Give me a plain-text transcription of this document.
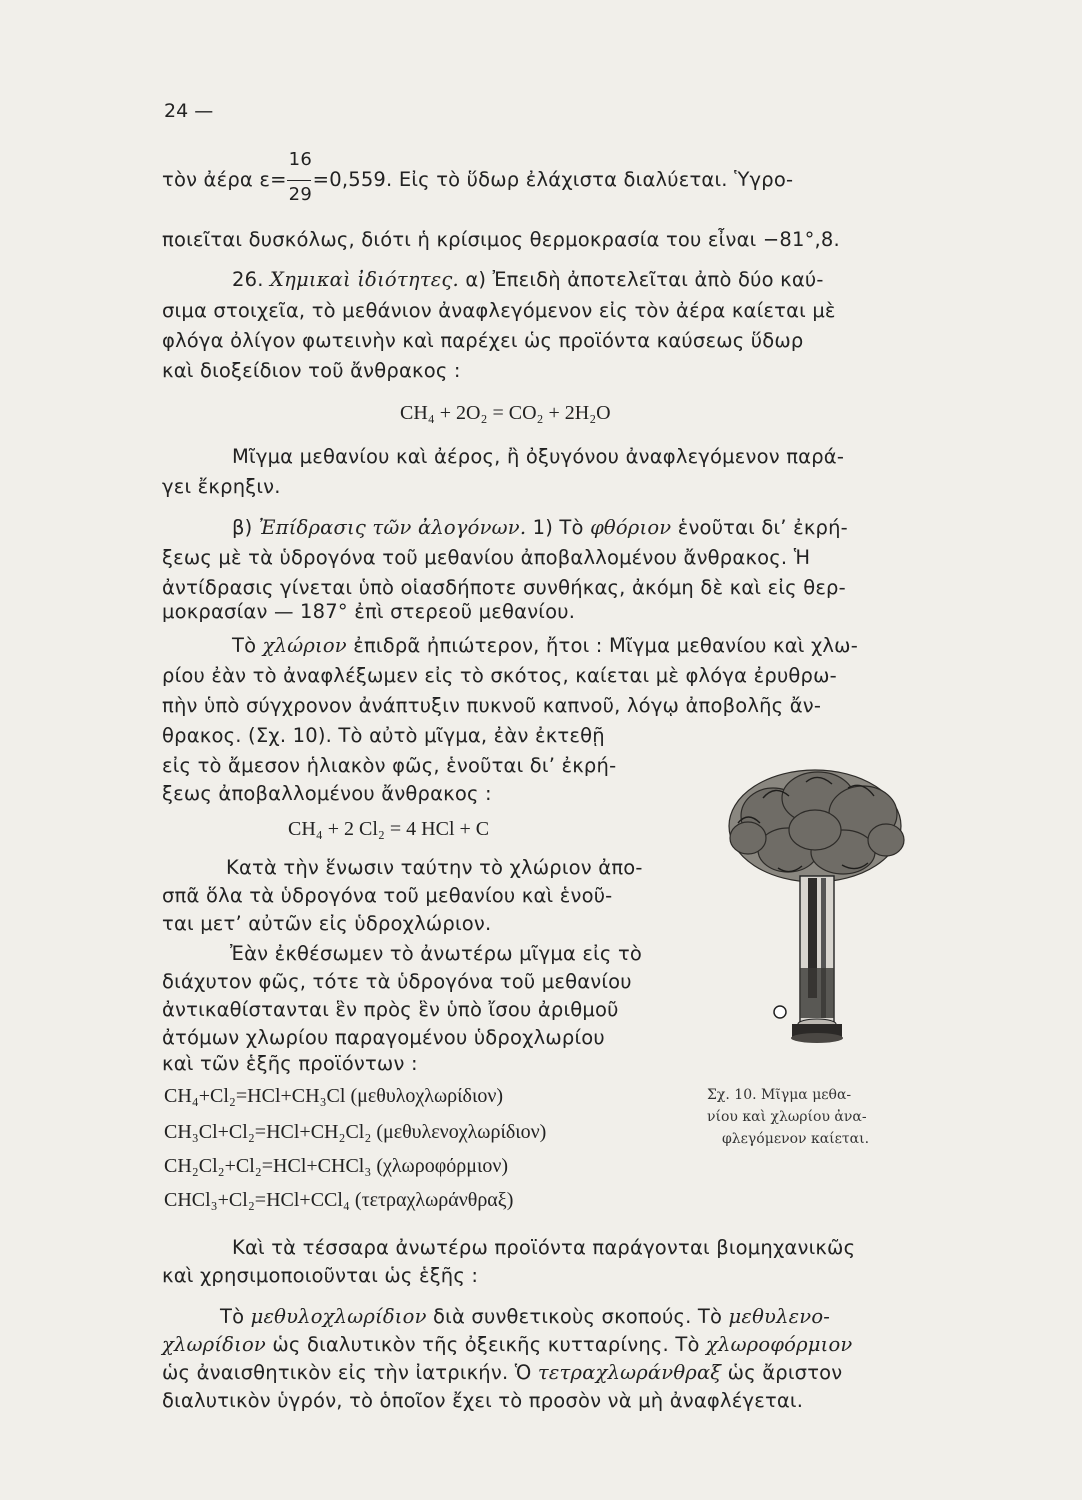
24 —
τὸν ἀέρα $\varepsilon= \frac{16}{29} =0,559$. Εἰς τὸ ὕδωρ ἐλάχιστα διαλύεται. Ὑγρο-
ποιεῖται δυσκόλως, διότι ἡ κρίσιμος θερμοκρασία του εἶναι −81°,8.
26. Χημικαὶ ἰδιότητες. α) Ἐπειδὴ ἀποτελεῖται ἀπὸ δύο καύ-
σιμα στοιχεῖα, τὸ μεθάνιον ἀναφλεγόμενον εἰς τὸν ἀέρα καίεται μὲ
φλόγα ὀλίγον φωτεινὴν καὶ παρέχει ὡς προϊόντα καύσεως ὕδωρ
καὶ διοξείδιον τοῦ ἄνθρακος :
CH₄ + 2O₂ = CO₂ + 2H₂O
Μῖγμα μεθανίου καὶ ἀέρος, ἢ ὀξυγόνου ἀναφλεγόμενον παρά-
γει ἔκρηξιν.
β) Ἐπίδρασις τῶν ἀλογόνων. 1) Τὸ φθόριον ἑνοῦται δι’ ἐκρή-
ξεως μὲ τὰ ὑδρογόνα τοῦ μεθανίου ἀποβαλλομένου ἄνθρακος. Ἡ
ἀντίδρασις γίνεται ὑπὸ οἱασδήποτε συνθήκας, ἀκόμη δὲ καὶ εἰς θερ-
μοκρασίαν — 187° ἐπὶ στερεοῦ μεθανίου.
Τὸ χλώριον ἐπιδρᾶ ἠπιώτερον, ἤτοι : Μῖγμα μεθανίου καὶ χλω-
ρίου ἐὰν τὸ ἀναφλέξωμεν εἰς τὸ σκότος, καίεται μὲ φλόγα ἐρυθρω-
πὴν ὑπὸ σύγχρονον ἀνάπτυξιν πυκνοῦ καπνοῦ, λόγῳ ἀποβολῆς ἄν-
θρακος. (Σχ. 10). Τὸ αὐτὸ μῖγμα, ἐὰν ἐκτεθῇ
εἰς τὸ ἄμεσον ἡλιακὸν φῶς, ἑνοῦται δι’ ἐκρή-
ξεως ἀποβαλλομένου ἄνθρακος :
CH₄ + 2 Cl₂ = 4 HCl + C
Κατὰ τὴν ἕνωσιν ταύτην τὸ χλώριον ἀπο-
σπᾶ ὅλα τὰ ὑδρογόνα τοῦ μεθανίου καὶ ἑνοῦ-
ται μετ’ αὐτῶν εἰς ὑδροχλώριον.
Ἐὰν ἐκθέσωμεν τὸ ἀνωτέρω μῖγμα εἰς τὸ
διάχυτον φῶς, τότε τὰ ὑδρογόνα τοῦ μεθανίου
ἀντικαθίστανται ἓν πρὸς ἓν ὑπὸ ἴσου ἀριθμοῦ
ἀτόμων χλωρίου παραγομένου ὑδροχλωρίου
καὶ τῶν ἑξῆς προϊόντων :
CH₄+Cl₂=HCl+CH₃Cl (μεθυλοχλωρίδιον)
CH₃Cl+Cl₂=HCl+CH₂Cl₂ (μεθυλενοχλωρίδιον)
CH₂Cl₂+Cl₂=HCl+CHCl₃ (χλωροφόρμιον)
CHCl₃+Cl₂=HCl+CCl₄ (τετραχλωράνθραξ)
Σχ. 10. Μῖγμα μεθα-
νίου καὶ χλωρίου ἀνα-
φλεγόμενον καίεται.
Καὶ τὰ τέσσαρα ἀνωτέρω προϊόντα παράγονται βιομηχανικῶς
καὶ χρησιμοποιοῦνται ὡς ἑξῆς :
Τὸ μεθυλοχλωρίδιον διὰ συνθετικοὺς σκοπούς. Τὸ μεθυλενο-
χλωρίδιον ὡς διαλυτικὸν τῆς ὀξεικῆς κυτταρίνης. Τὸ χλωροφόρμιον
ὡς ἀναισθητικὸν εἰς τὴν ἰατρικήν. Ὁ τετραχλωράνθραξ ὡς ἄριστον
διαλυτικὸν ὑγρόν, τὸ ὁποῖον ἔχει τὸ προσὸν νὰ μὴ ἀναφλέγεται.
